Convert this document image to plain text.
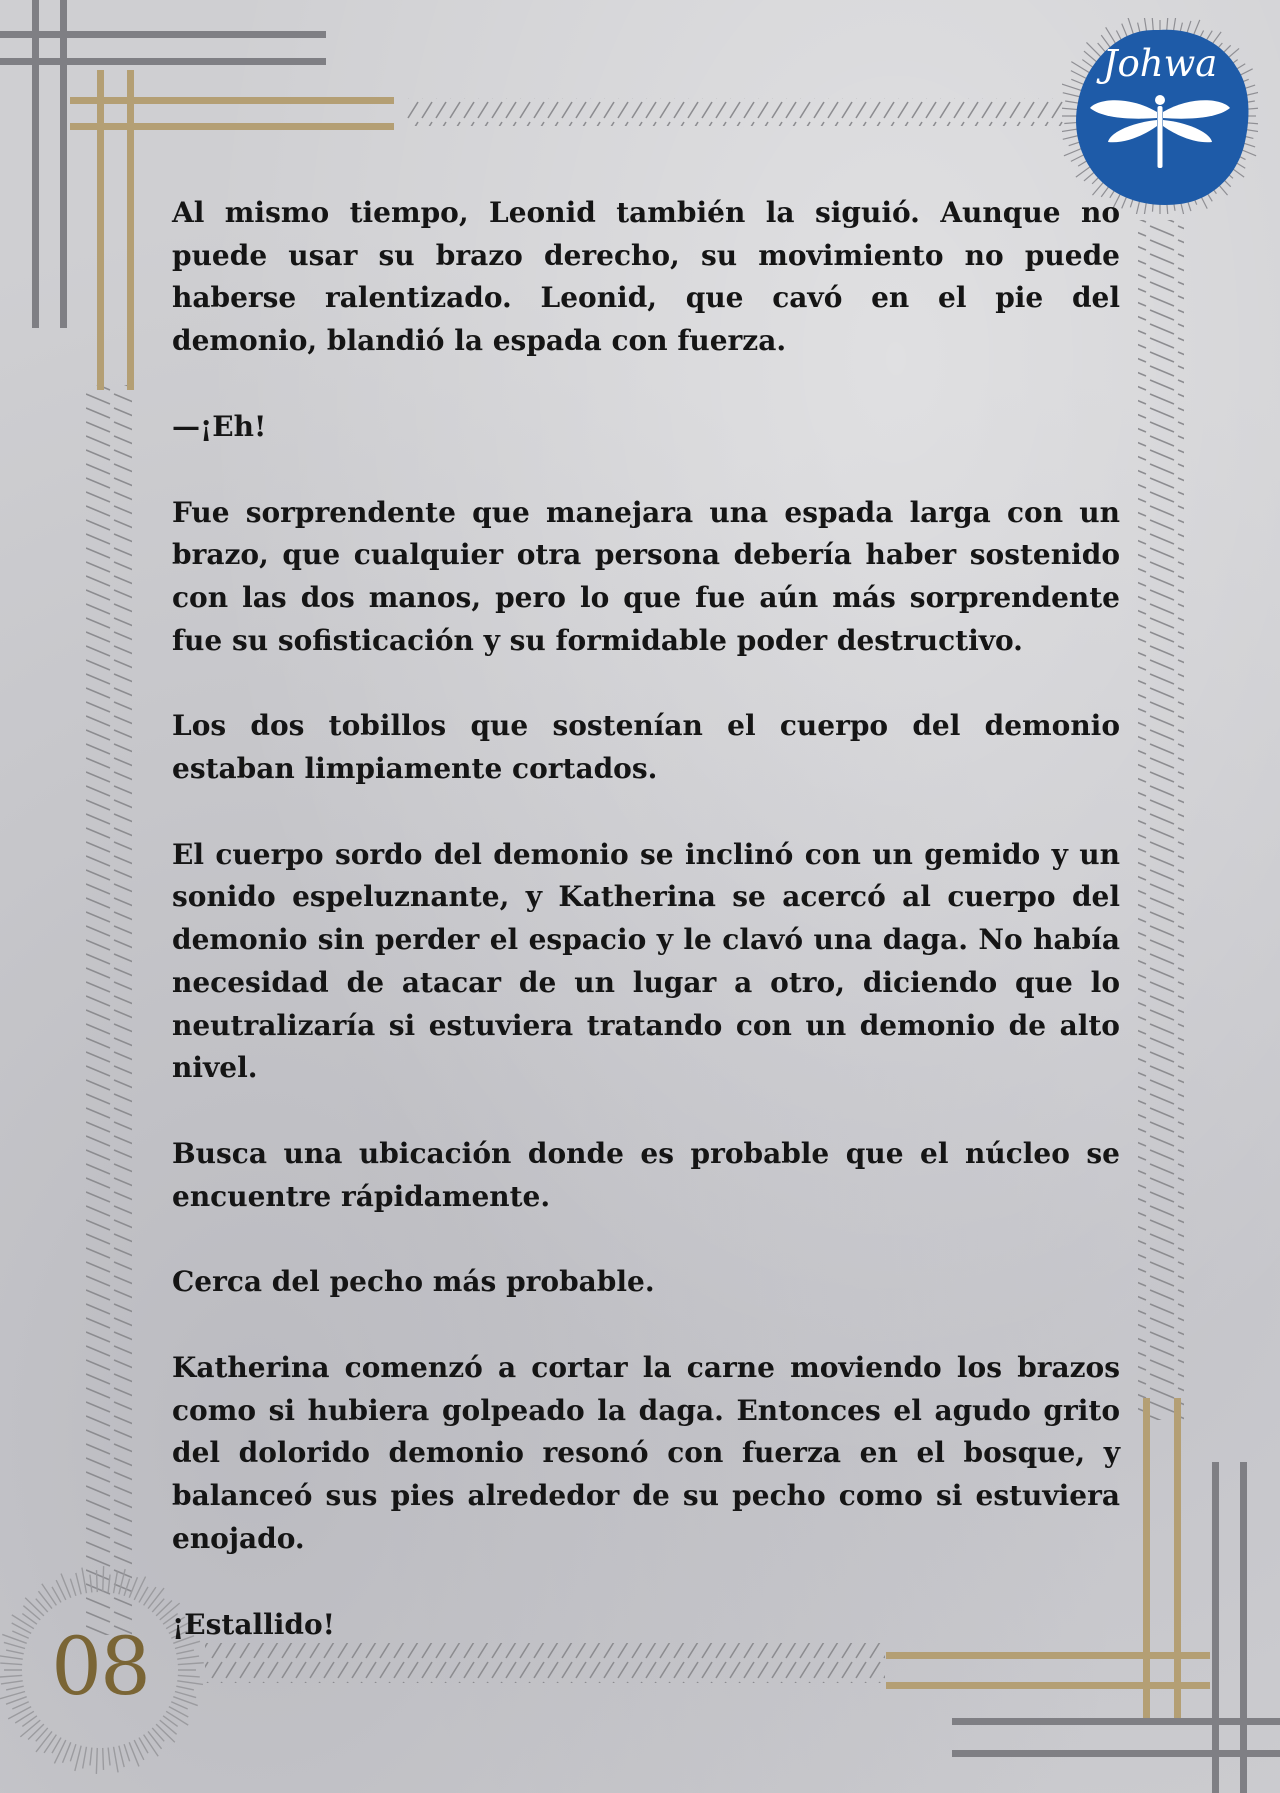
Johwa
08

Al mismo tiempo, Leonid también la siguió. Aunque no puede usar su brazo derecho, su movimiento no puede haberse ralentizado. Leonid, que cavó en el pie del demonio, blandió la espada con fuerza.

—¡Eh!

Fue sorprendente que manejara una espada larga con un brazo, que cualquier otra persona debería haber sostenido con las dos manos, pero lo que fue aún más sorprendente fue su sofisticación y su formidable poder destructivo.

Los dos tobillos que sostenían el cuerpo del demonio estaban limpiamente cortados.

El cuerpo sordo del demonio se inclinó con un gemido y un sonido espeluznante, y Katherina se acercó al cuerpo del demonio sin perder el espacio y le clavó una daga. No había necesidad de atacar de un lugar a otro, diciendo que lo neutralizaría si estuviera tratando con un demonio de alto nivel.

Busca una ubicación donde es probable que el núcleo se encuentre rápidamente.

Cerca del pecho más probable.

Katherina comenzó a cortar la carne moviendo los brazos como si hubiera golpeado la daga. Entonces el agudo grito del dolorido demonio resonó con fuerza en el bosque, y balanceó sus pies alrededor de su pecho como si estuviera enojado.

¡Estallido!
